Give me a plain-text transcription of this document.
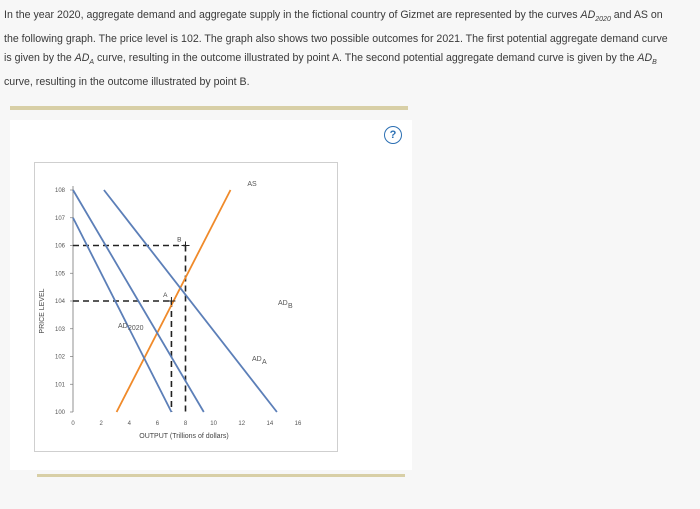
In the year 2020, aggregate demand and aggregate supply in the fictional country of Gizmet are represented by the curves $AD_{2020}$ and AS on the following graph. The price level is 102. The graph also shows two possible outcomes for 2021. The first potential aggregate demand curve is given by the $AD_A$ curve, resulting in the outcome illustrated by point A. The second potential aggregate demand curve is given by the $AD_B$ curve, resulting in the outcome illustrated by point B.
?
100
101
102
103
104
105
106
107
108
0	2	4	6	8	10	12	14	16
OUTPUT (Trillions of dollars)
PRICE LEVEL	A
B
AS
AD 2020
AD A
AD B
